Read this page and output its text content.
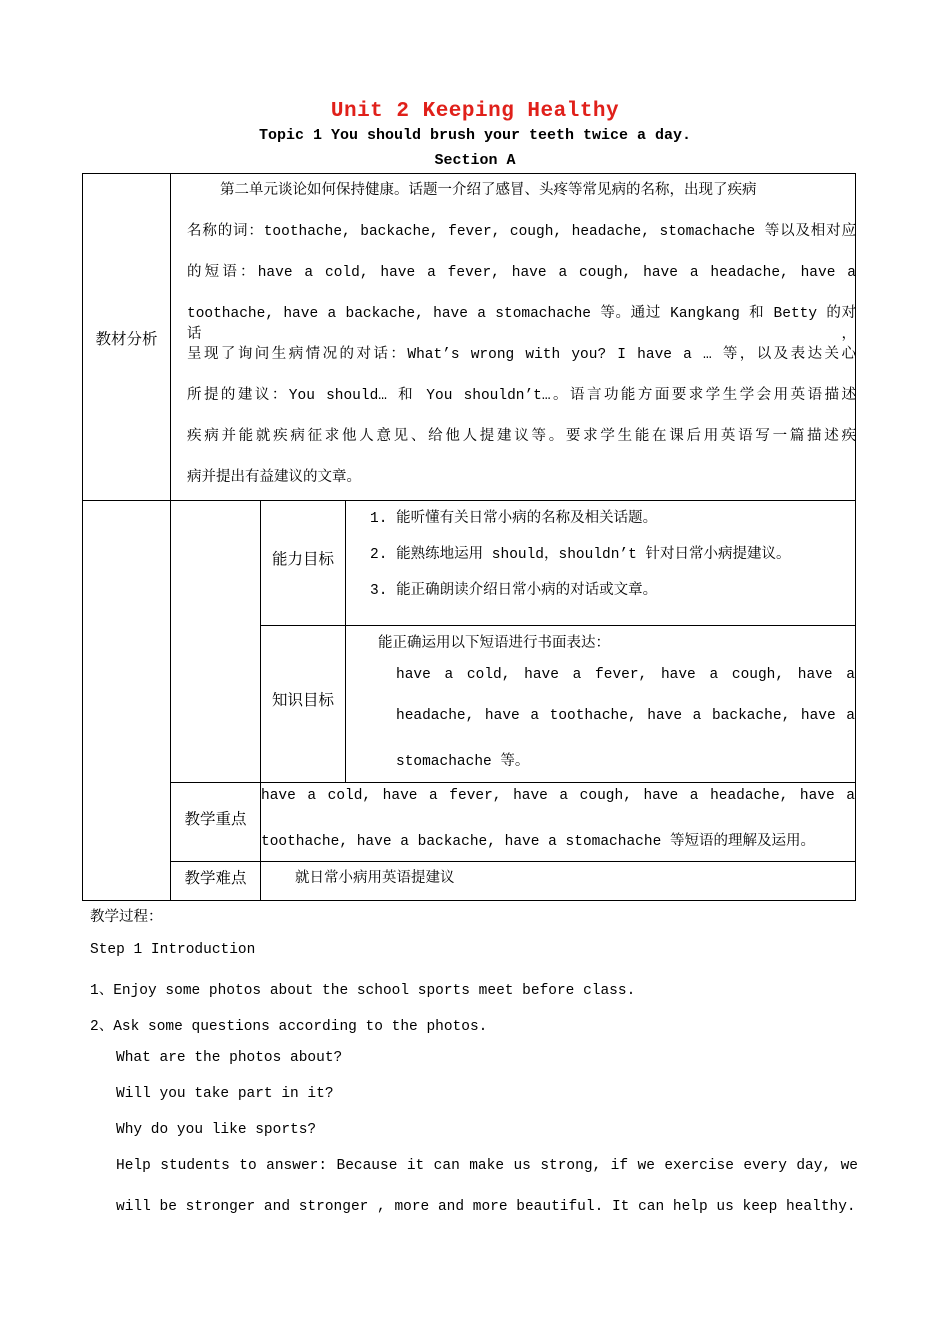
Unit 2 Keeping Healthy
Topic 1 You should brush your teeth twice a day.
Section A
教材分析
第二单元谈论如何保持健康。话题一介绍了感冒、头疼等常见病的名称，出现了疾病
名称的词：toothache, backache, fever, cough, headache, stomachache 等以及相对应
的短语：have a cold, have a fever, have a cough, have a headache, have a
toothache, have a backache, have a stomachache 等。通过 Kangkang 和 Betty 的对话，
呈现了询问生病情况的对话：What’s wrong with you? I have a … 等，以及表达关心
所提的建议：You should… 和 You shouldn’t…。语言功能方面要求学生学会用英语描述
疾病并能就疾病征求他人意见、给他人提建议等。要求学生能在课后用英语写一篇描述疾
病并提出有益建议的文章。
能力目标
1. 能听懂有关日常小病的名称及相关话题。
2. 能熟练地运用 should，shouldn’t 针对日常小病提建议。
3. 能正确朗读介绍日常小病的对话或文章。
知识目标
能正确运用以下短语进行书面表达：
have a cold, have a fever, have a cough, have a
headache, have a toothache, have a backache, have a
stomachache 等。
教学重点
have a cold, have a fever, have a cough, have a headache, have a
toothache, have a backache, have a stomachache 等短语的理解及运用。
教学难点	就日常小病用英语提建议
教学过程：
Step 1 Introduction
1、Enjoy some photos about the school sports meet before class.
2、Ask some questions according to the photos.
What are the photos about?
Will you take part in it?
Why do you like sports?
Help students to answer: Because it can make us strong, if we exercise every day, we
will be stronger and stronger , more and more beautiful. It can help us keep healthy.
